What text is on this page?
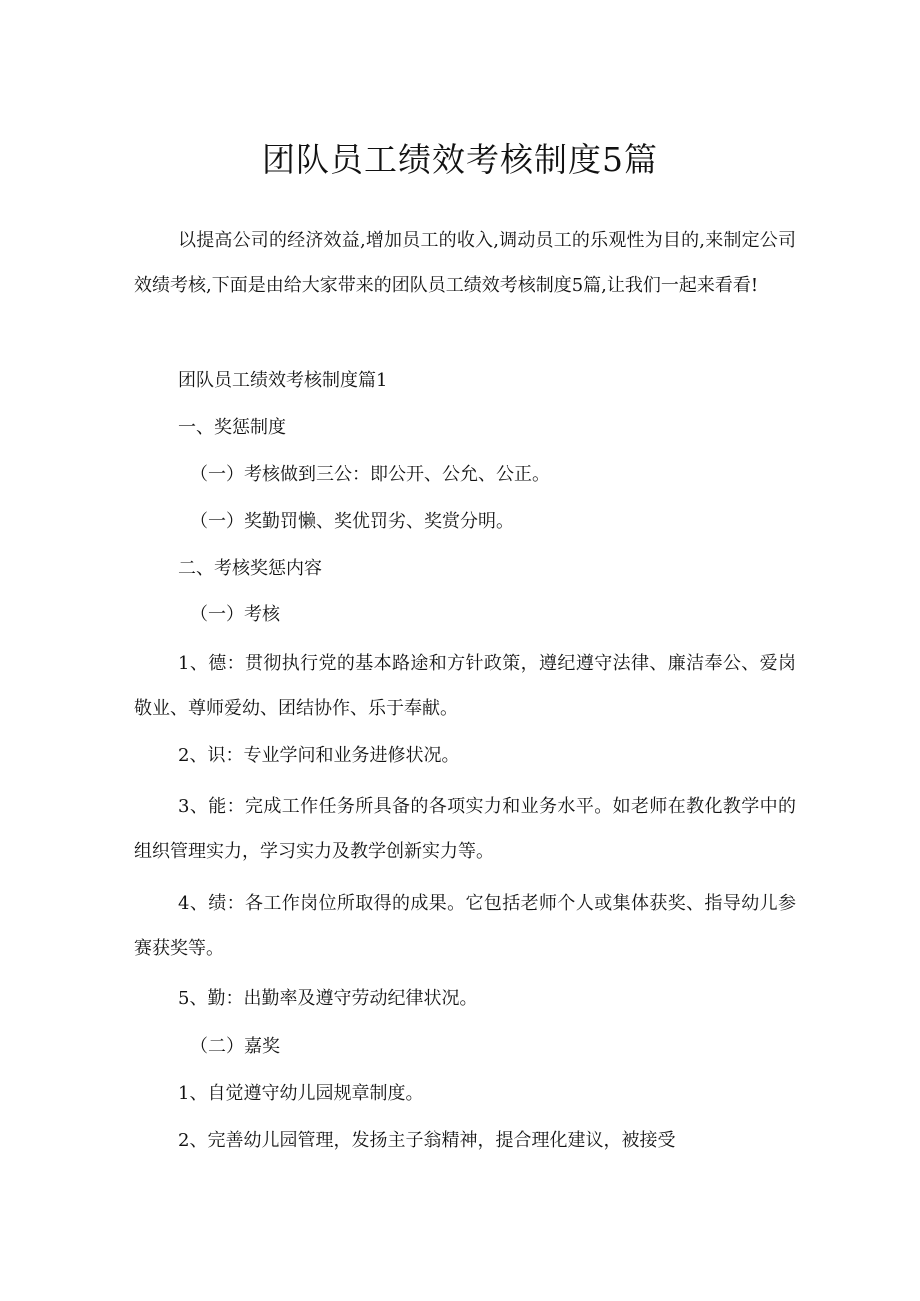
团队员工绩效考核制度5篇
以提高公司的经济效益,增加员工的收入,调动员工的乐观性为目的,来制定公司效绩考核,下面是由给大家带来的团队员工绩效考核制度5篇,让我们一起来看看!
团队员工绩效考核制度篇1
一、奖惩制度
（一）考核做到三公：即公开、公允、公正。
（一）奖勤罚懒、奖优罚劣、奖赏分明。
二、考核奖惩内容
（一）考核
1、德：贯彻执行党的基本路途和方针政策，遵纪遵守法律、廉洁奉公、爱岗敬业、尊师爱幼、团结协作、乐于奉献。
2、识：专业学问和业务进修状况。
3、能：完成工作任务所具备的各项实力和业务水平。如老师在教化教学中的组织管理实力，学习实力及教学创新实力等。
4、绩：各工作岗位所取得的成果。它包括老师个人或集体获奖、指导幼儿参赛获奖等。
5、勤：出勤率及遵守劳动纪律状况。
（二）嘉奖
1、自觉遵守幼儿园规章制度。
2、完善幼儿园管理，发扬主子翁精神，提合理化建议，被接受
